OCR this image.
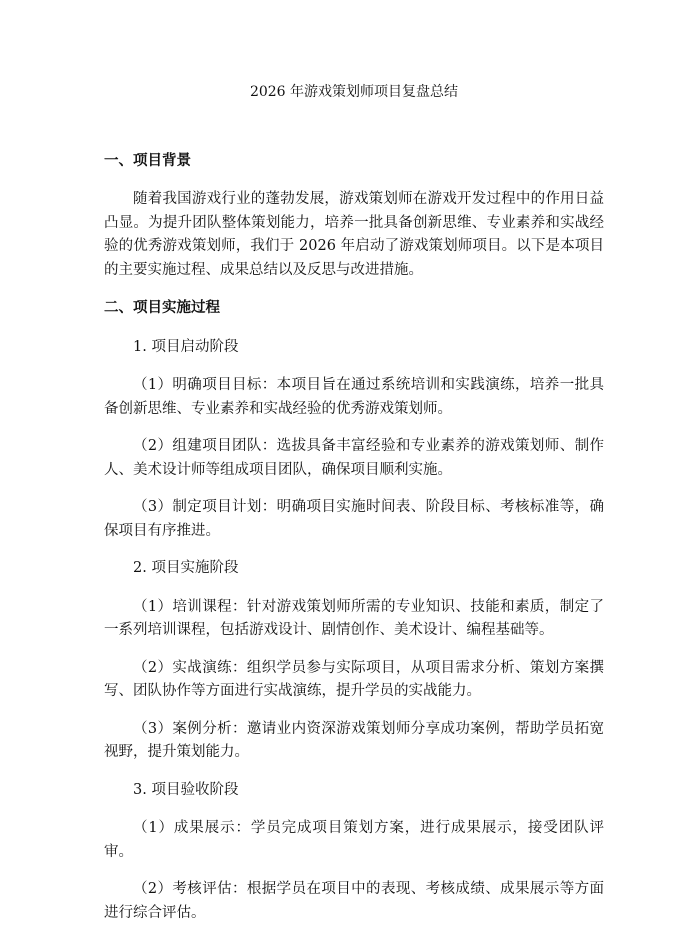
2026 年游戏策划师项目复盘总结
一、项目背景
随着我国游戏行业的蓬勃发展，游戏策划师在游戏开发过程中的作用日益凸显。为提升团队整体策划能力，培养一批具备创新思维、专业素养和实战经验的优秀游戏策划师，我们于 2026 年启动了游戏策划师项目。以下是本项目的主要实施过程、成果总结以及反思与改进措施。
二、项目实施过程
1. 项目启动阶段
（1）明确项目目标：本项目旨在通过系统培训和实践演练，培养一批具备创新思维、专业素养和实战经验的优秀游戏策划师。
（2）组建项目团队：选拔具备丰富经验和专业素养的游戏策划师、制作人、美术设计师等组成项目团队，确保项目顺利实施。
（3）制定项目计划：明确项目实施时间表、阶段目标、考核标准等，确保项目有序推进。
2. 项目实施阶段
（1）培训课程：针对游戏策划师所需的专业知识、技能和素质，制定了一系列培训课程，包括游戏设计、剧情创作、美术设计、编程基础等。
（2）实战演练：组织学员参与实际项目，从项目需求分析、策划方案撰写、团队协作等方面进行实战演练，提升学员的实战能力。
（3）案例分析：邀请业内资深游戏策划师分享成功案例，帮助学员拓宽视野，提升策划能力。
3. 项目验收阶段
（1）成果展示：学员完成项目策划方案，进行成果展示，接受团队评审。
（2）考核评估：根据学员在项目中的表现、考核成绩、成果展示等方面进行综合评估。
